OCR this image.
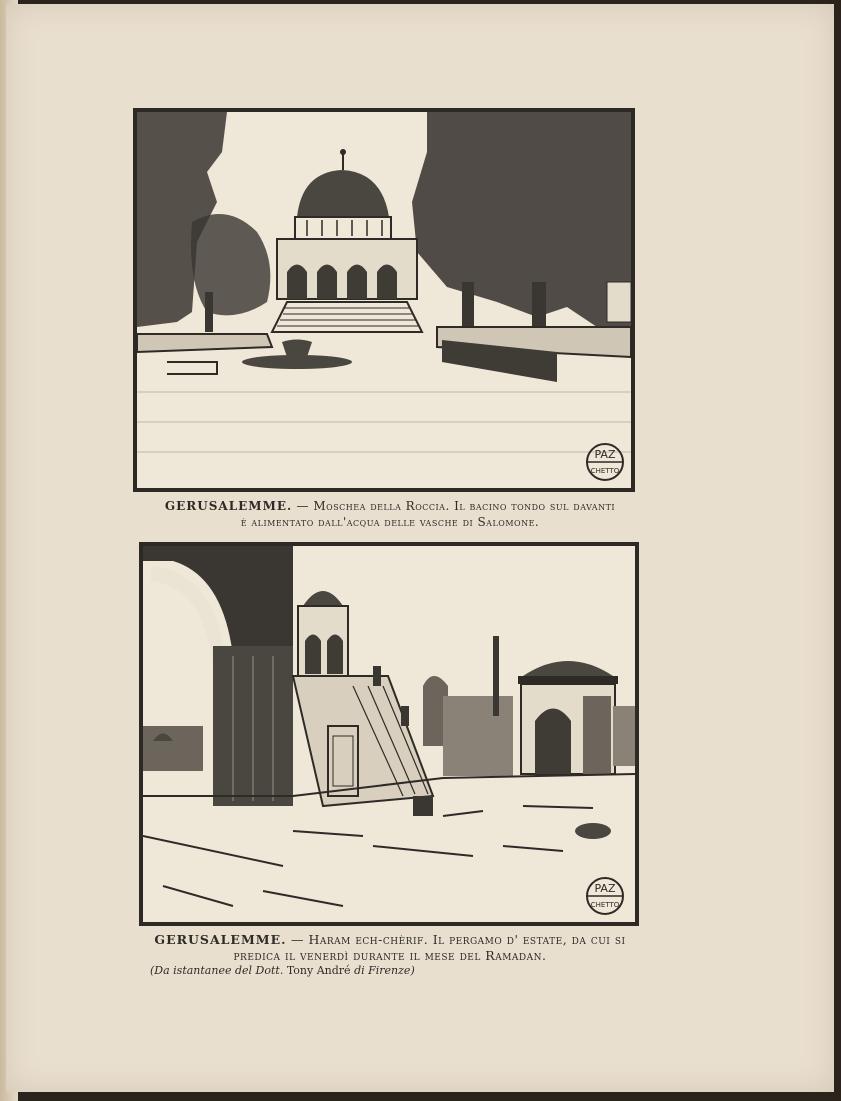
PAZ
CHETTO
GERUSALEMME. — Moschea della Roccia. Il bacino tondo sul davanti
è alimentato dall'acqua delle vasche di Salomone.
PAZ
CHETTO
GERUSALEMME. — Haram ech-chèrif. Il pergamo d' estate, da cui si
predica il venerdì durante il mese del Ramadan.
(Da istantanee del Dott. Tony André di Firenze)
